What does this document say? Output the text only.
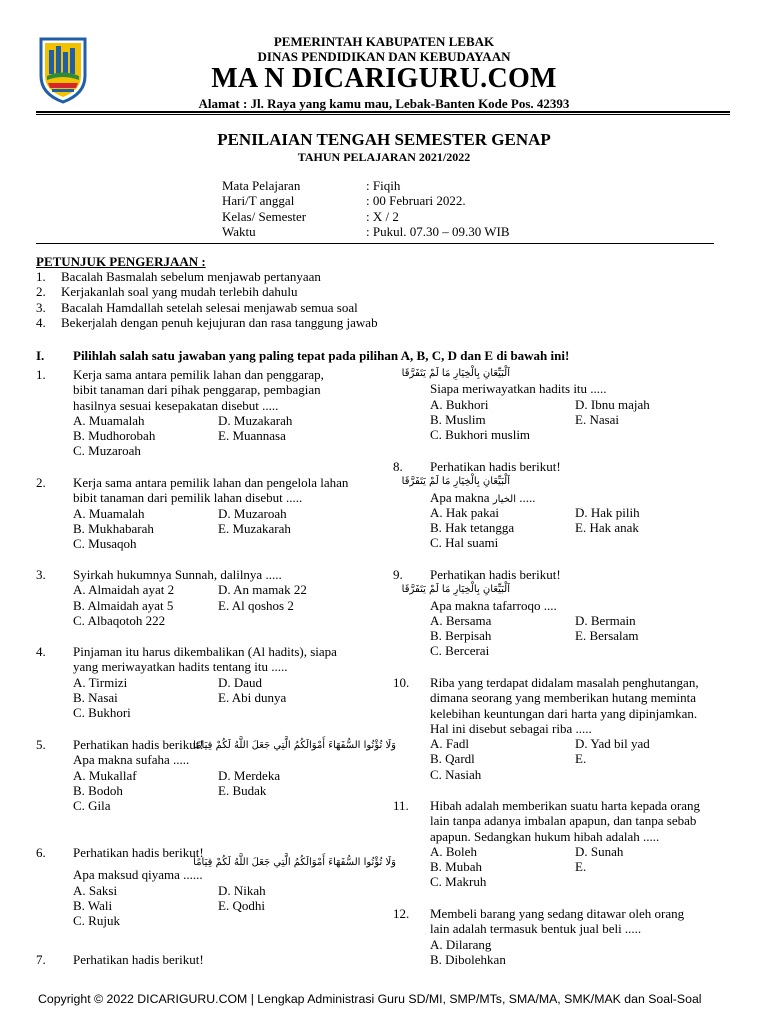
PEMERINTAH KABUPATEN LEBAK
DINAS PENDIDIKAN DAN KEBUDAYAAN
MA N DICARIGURU.COM
Alamat : Jl. Raya yang kamu mau, Lebak-Banten Kode Pos. 42393
PENILAIAN TENGAH SEMESTER GENAP
TAHUN PELAJARAN 2021/2022
Mata Pelajaran	: Fiqih
Hari/T anggal	: 00 Februari 2022.
Kelas/ Semester	: X / 2
Waktu	: Pukul. 07.30 – 09.30 WIB
PETUNJUK PENGERJAAN :
1. Bacalah Basmalah sebelum menjawab pertanyaan
2. Kerjakanlah soal yang mudah terlebih dahulu
3. Bacalah Hamdallah setelah selesai menjawab semua soal
4. Bekerjalah dengan penuh kejujuran dan rasa tanggung jawab
I. Pilihlah salah satu jawaban yang paling tepat pada pilihan A, B, C, D dan E di bawah ini!
1. Kerja sama antara pemilik lahan dan penggarap,
bibit tanaman dari pihak penggarap, pembagian
hasilnya sesuai kesepakatan disebut .....
A. Muamalah	D. Muzakarah
B. Mudhorobah	E. Muannasa
C. Muzaroah
2. Kerja sama antara pemilik lahan dan pengelola lahan
bibit tanaman dari pemilik lahan disebut .....
A. Muamalah	D. Muzaroah
B. Mukhabarah	E. Muzakarah
C. Musaqoh
3. Syirkah hukumnya Sunnah, dalilnya .....
A. Almaidah ayat 2	D. An mamak 22
B. Almaidah ayat 5	E. Al qoshos 2
C. Albaqotoh 222
4. Pinjaman itu harus dikembalikan (Al hadits), siapa
yang meriwayatkan hadits tentang itu .....
A. Tirmizi	D. Daud
B. Nasai	E. Abi dunya
C. Bukhori
5. Perhatikan hadis berikut!
وَلَا تُؤْتُوا السُّفَهَاءَ أَمْوَالَكُمُ الَّتِي جَعَلَ اللَّهُ لَكُمْ قِيَامًا
Apa makna sufaha .....
A. Mukallaf	D. Merdeka
B. Bodoh	E. Budak
C. Gila
6. Perhatikan hadis berikut!
وَلَا تُؤْتُوا السُّفَهَاءَ أَمْوَالَكُمُ الَّتِي جَعَلَ اللَّهُ لَكُمْ قِيَامًا
Apa maksud qiyama ......
A. Saksi	D. Nikah
B. Wali	E. Qodhi
C. Rujuk
7. Perhatikan hadis berikut!
اَلْبَيِّعَانِ بِالْخِيَارِ مَا لَمْ يَتَفَرَّقَا
Siapa meriwayatkan hadits itu .....
A. Bukhori	D. Ibnu majah
B. Muslim	E. Nasai
C. Bukhori muslim
8. Perhatikan hadis berikut!
اَلْبَيِّعَانِ بِالْخِيَارِ مَا لَمْ يَتَفَرَّقَا
Apa makna الخيار .....
A. Hak pakai	D. Hak pilih
B. Hak tetangga	E. Hak anak
C. Hal suami
9. Perhatikan hadis berikut!
اَلْبَيِّعَانِ بِالْخِيَارِ مَا لَمْ يَتَفَرَّقَا
Apa makna tafarroqo ....
A. Bersama	D. Bermain
B. Berpisah	E. Bersalam
C. Bercerai
10. Riba yang terdapat didalam masalah penghutangan,
dimana seorang yang memberikan hutang meminta
kelebihan keuntungan dari harta yang dipinjamkan.
Hal ini disebut sebagai riba .....
A. Fadl	D. Yad bil yad
B. Qardl	E.
C. Nasiah
11. Hibah adalah memberikan suatu harta kepada orang
lain tanpa adanya imbalan apapun, dan tanpa sebab
apapun. Sedangkan hukum hibah adalah .....
A. Boleh	D. Sunah
B. Mubah	E.
C. Makruh
12. Membeli barang yang sedang ditawar oleh orang
lain adalah termasuk bentuk jual beli .....
A. Dilarang
B. Dibolehkan
Copyright © 2022 DICARIGURU.COM | Lengkap Administrasi Guru SD/MI, SMP/MTs, SMA/MA, SMK/MAK dan Soal-Soal
